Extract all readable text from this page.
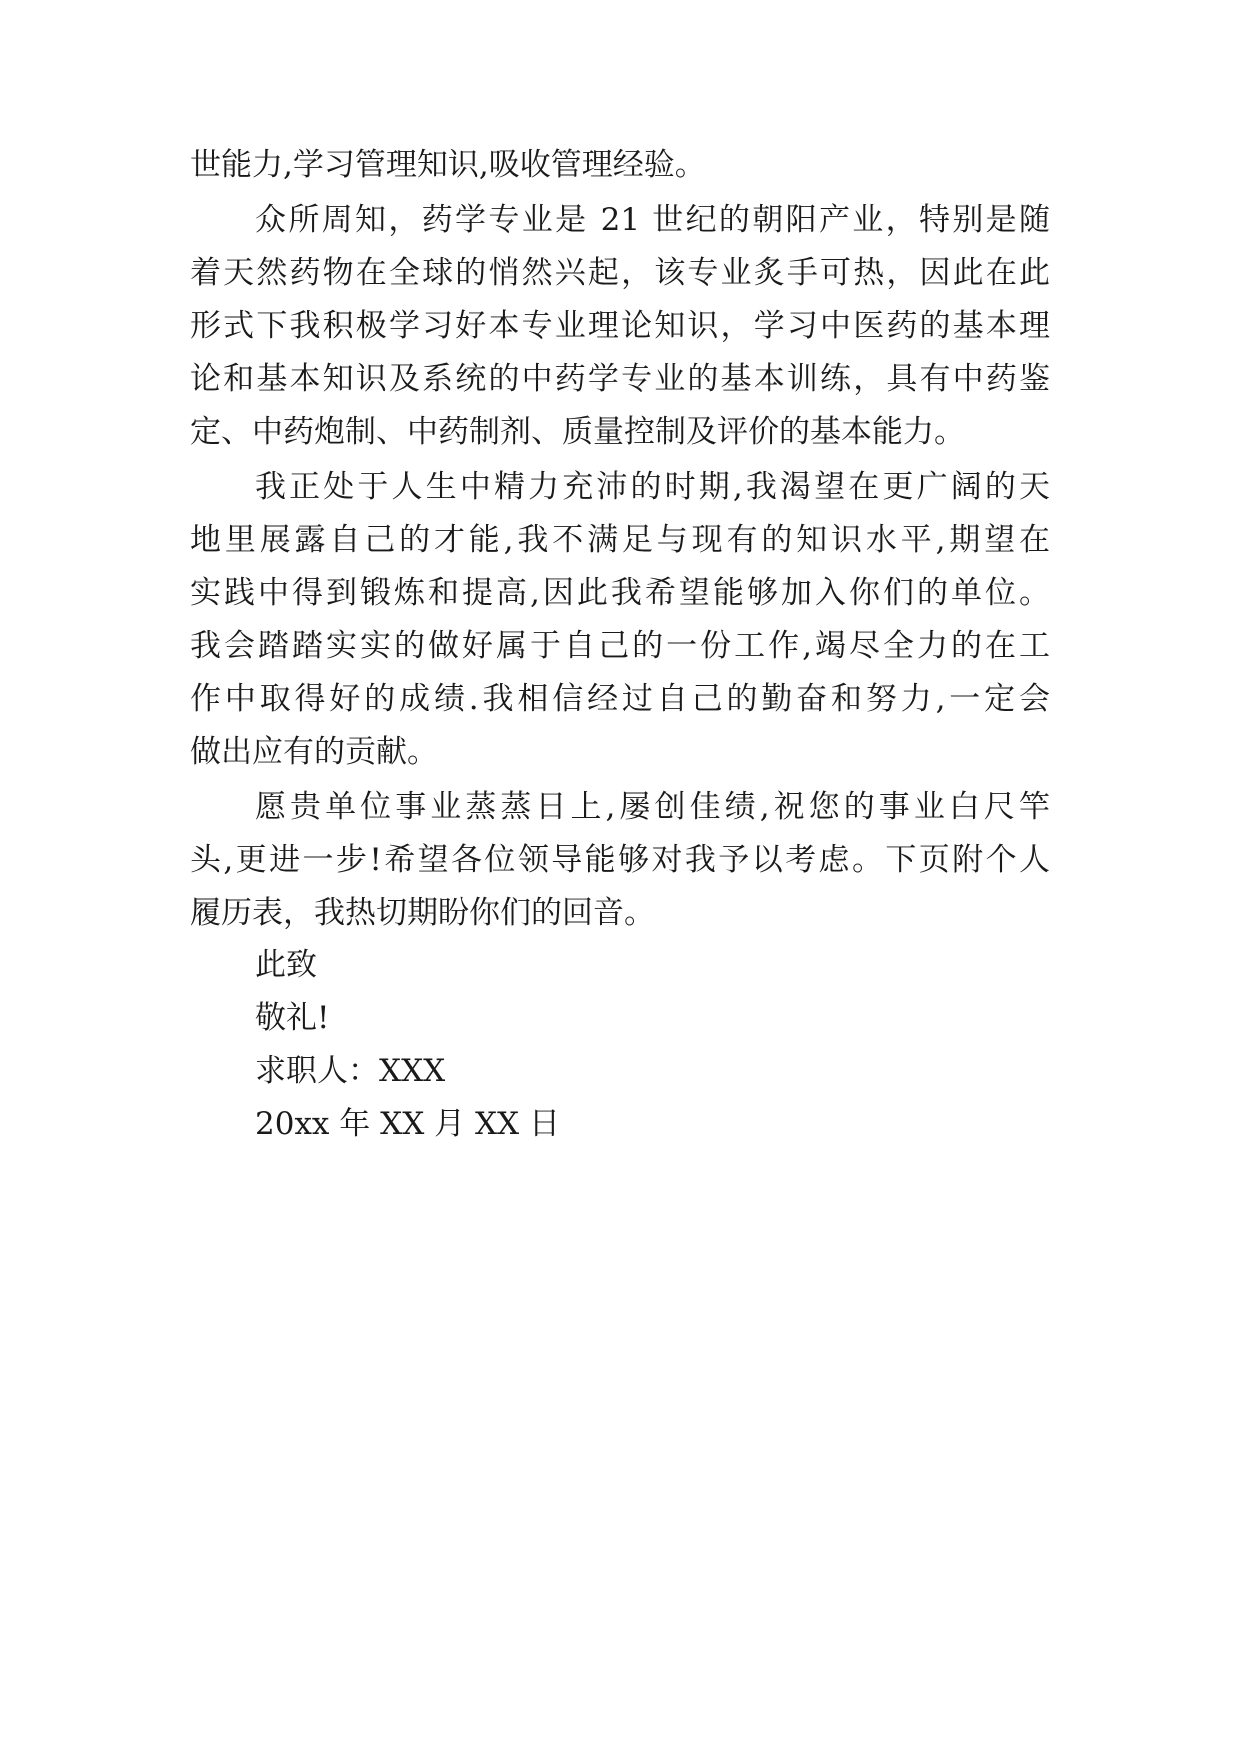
世能力,学习管理知识,吸收管理经验。
众所周知，药学专业是 21 世纪的朝阳产业，特别是随
着天然药物在全球的悄然兴起，该专业炙手可热，因此在此
形式下我积极学习好本专业理论知识，学习中医药的基本理
论和基本知识及系统的中药学专业的基本训练，具有中药鉴
定、中药炮制、中药制剂、质量控制及评价的基本能力。
我正处于人生中精力充沛的时期,我渴望在更广阔的天
地里展露自己的才能,我不满足与现有的知识水平,期望在
实践中得到锻炼和提高,因此我希望能够加入你们的单位。
我会踏踏实实的做好属于自己的一份工作,竭尽全力的在工
作中取得好的成绩.我相信经过自己的勤奋和努力,一定会
做出应有的贡献。
愿贵单位事业蒸蒸日上,屡创佳绩,祝您的事业白尺竿
头,更进一步!希望各位领导能够对我予以考虑。下页附个人
履历表，我热切期盼你们的回音。
此致
敬礼!
求职人：XXX
20xx 年 XX 月 XX 日
